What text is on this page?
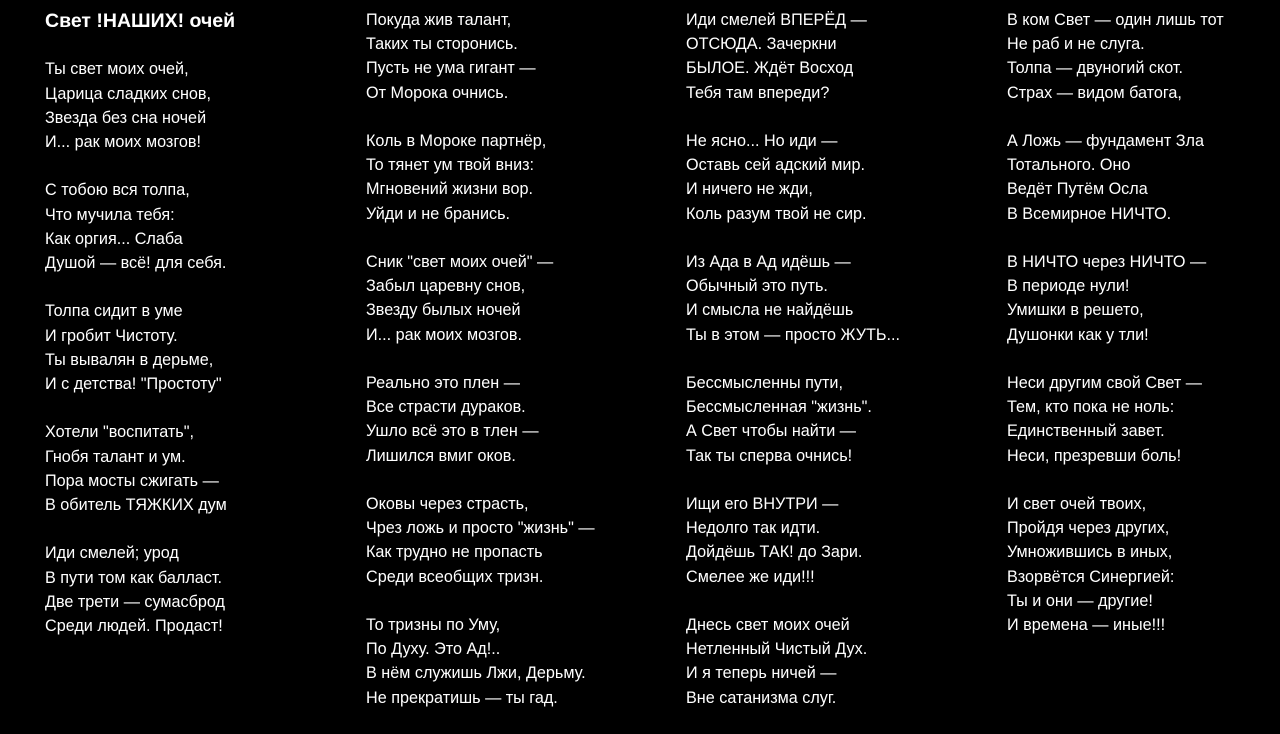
Свет !НАШИХ! очей
Ты свет моих очей,
Царица сладких снов,
Звезда без сна ночей
И... рак моих мозгов!
С тобою вся толпа,
Что мучила тебя:
Как оргия... Слаба
Душой — всё! для себя.
Толпа сидит в уме
И гробит Чистоту.
Ты вывалян в дерьме,
И с детства! "Простоту"
Хотели "воспитать",
Гнобя талант и ум.
Пора мосты сжигать —
В обитель ТЯЖКИХ дум
Иди смелей; урод
В пути том как балласт.
Две трети — сумасброд
Среди людей. Продаст!
Покуда жив талант,
Таких ты сторонись.
Пусть не ума гигант —
От Морока очнись.
Коль в Мороке партнёр,
То тянет ум твой вниз:
Мгновений жизни вор.
Уйди и не бранись.
Сник "свет моих очей" —
Забыл царевну снов,
Звезду былых ночей
И... рак моих мозгов.
Реально это плен —
Все страсти дураков.
Ушло всё это в тлен —
Лишился вмиг оков.
Оковы через страсть,
Чрез ложь и просто "жизнь" —
Как трудно не пропасть
Среди всеобщих тризн.
То тризны по Уму,
По Духу. Это Ад!..
В нём служишь Лжи, Дерьму.
Не прекратишь — ты гад.
Иди смелей ВПЕРЁД —
ОТСЮДА. Зачеркни
БЫЛОЕ. Ждёт Восход
Тебя там впереди?
Не ясно... Но иди —
Оставь сей адский мир.
И ничего не жди,
Коль разум твой не сир.
Из Ада в Ад идёшь —
Обычный это путь.
И смысла не найдёшь
Ты в этом — просто ЖУТЬ...
Бессмысленны пути,
Бессмысленная "жизнь".
А Свет чтобы найти —
Так ты сперва очнись!
Ищи его ВНУТРИ —
Недолго так идти.
Дойдёшь ТАК! до Зари.
Смелее же иди!!!
Днесь свет моих очей
Нетленный Чистый Дух.
И я теперь ничей —
Вне сатанизма слуг.
В ком Свет — один лишь тот
Не раб и не слуга.
Толпа — двуногий скот.
Страх — видом батога,
А Ложь — фундамент Зла
Тотального. Оно
Ведёт Путём Осла
В Всемирное НИЧТО.
В НИЧТО через НИЧТО —
В периоде нули!
Умишки в решето,
Душонки как у тли!
Неси другим свой Свет —
Тем, кто пока не ноль:
Единственный завет.
Неси, презревши боль!
И свет очей твоих,
Пройдя через других,
Умножившись в иных,
Взорвётся Синергией:
Ты и они — другие!
И времена — иные!!!
